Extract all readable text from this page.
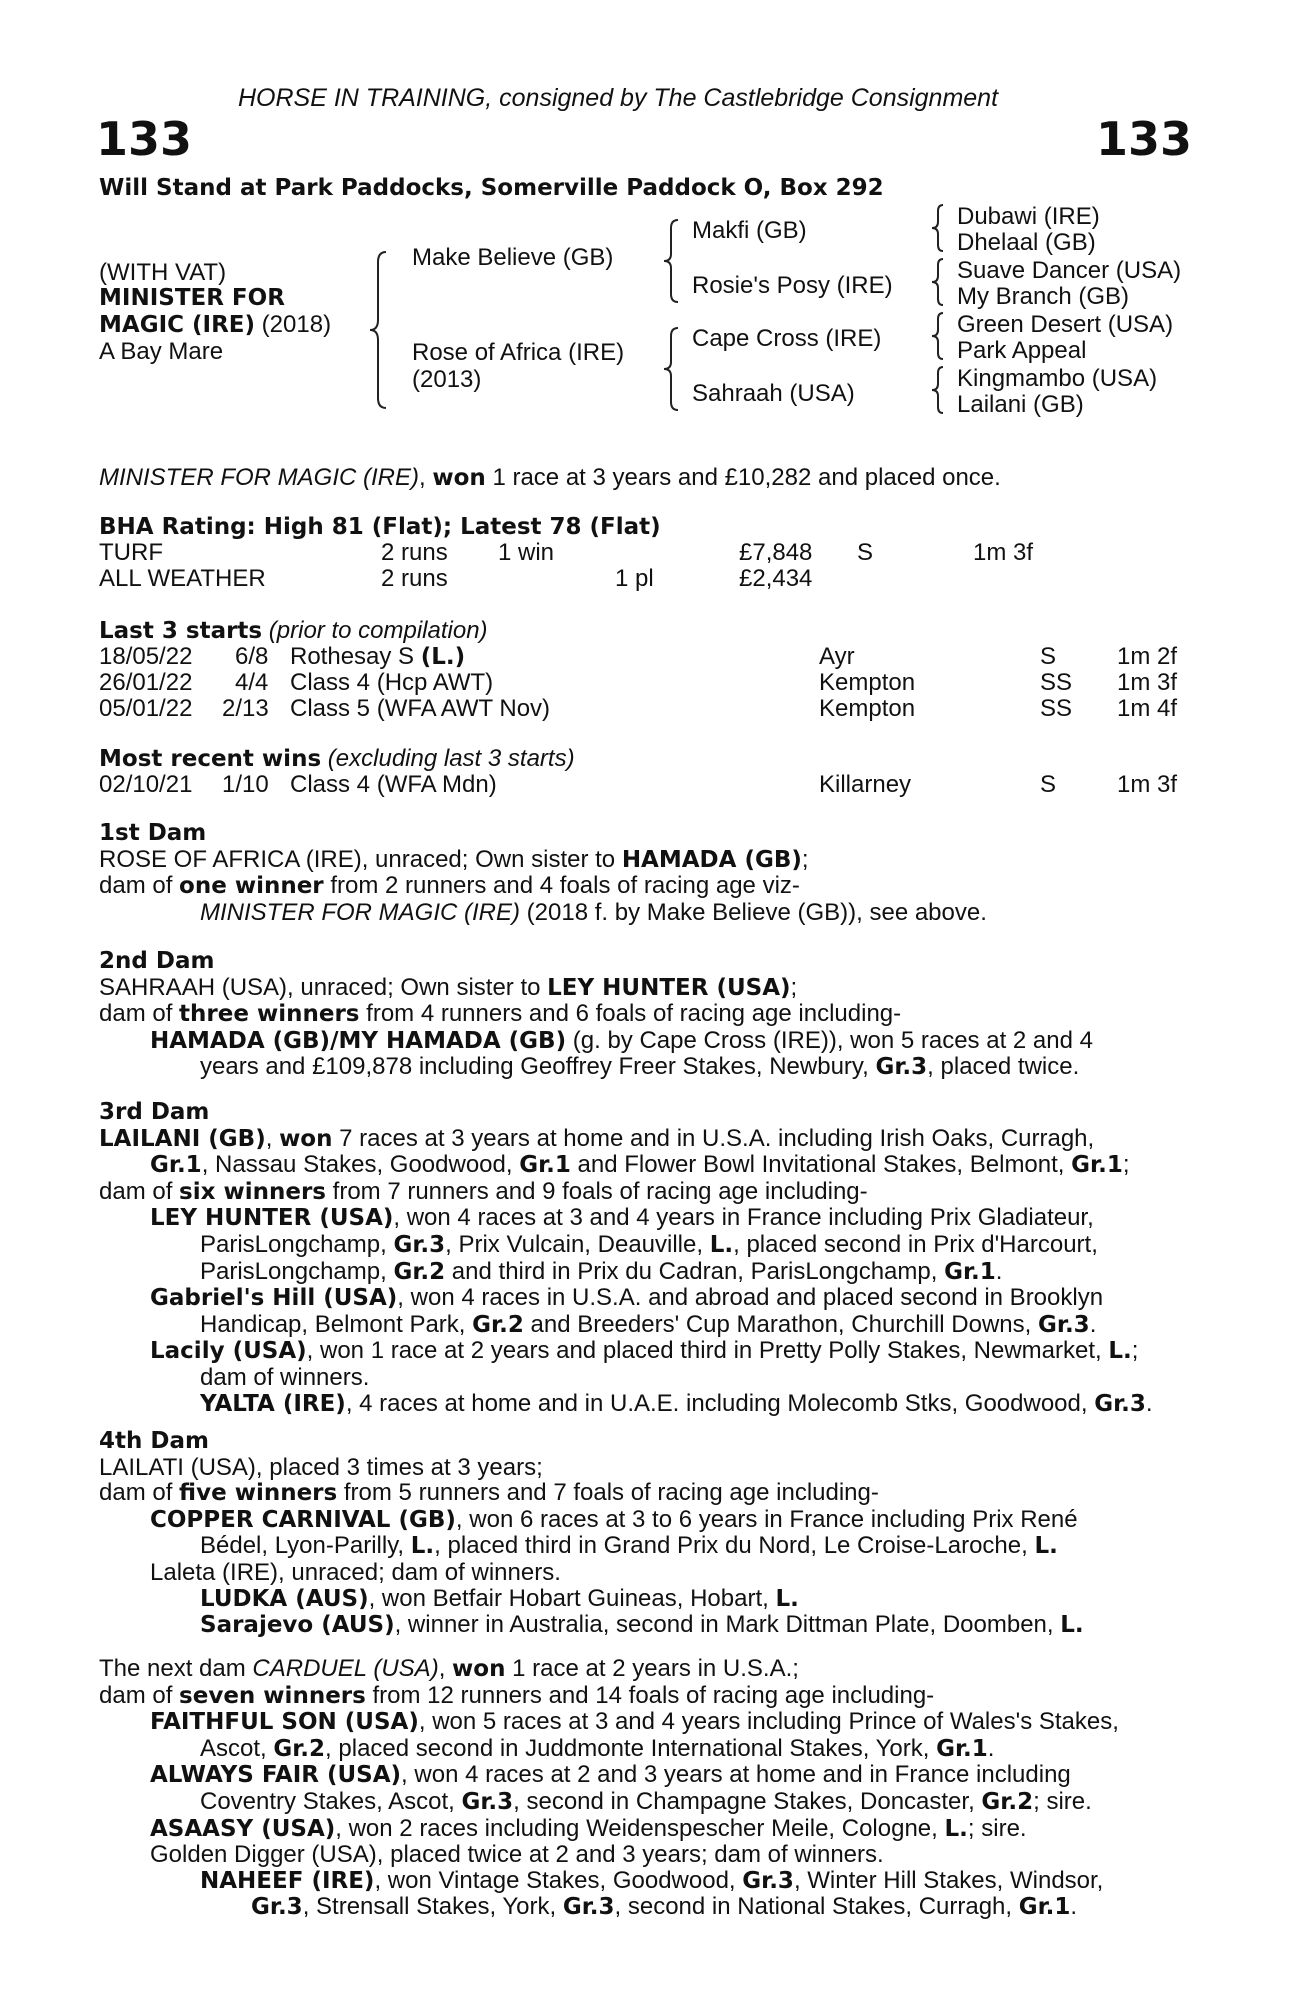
HORSE IN TRAINING, consigned by The Castlebridge Consignment
133	133
Will Stand at Park Paddocks, Somerville Paddock O, Box 292
(WITH VAT)
MINISTER FOR
MAGIC (IRE) (2018)
A Bay Mare
Make Believe (GB)
Rose of Africa (IRE)
(2013)
Makfi (GB)
Rosie's Posy (IRE)
Cape Cross (IRE)
Sahraah (USA)
Dubawi (IRE)
Dhelaal (GB)
Suave Dancer (USA)
My Branch (GB)
Green Desert (USA)
Park Appeal
Kingmambo (USA)
Lailani (GB)
MINISTER FOR MAGIC (IRE), won 1 race at 3 years and £10,282 and placed once.
BHA Rating: High 81 (Flat); Latest 78 (Flat)
TURF	2 runs 1 win	£7,848 S	1m 3f
ALL WEATHER	2 runs	1 pl	£2,434
Last 3 starts (prior to compilation)
18/05/22 6/8 Rothesay S (L.)	Ayr	S	1m 2f
26/01/22 4/4 Class 4 (Hcp AWT)	Kempton	SS 1m 3f
05/01/22 2/13 Class 5 (WFA AWT Nov)	Kempton	SS 1m 4f
Most recent wins (excluding last 3 starts)
02/10/21 1/10 Class 4 (WFA Mdn)	Killarney	S	1m 3f
1st Dam
ROSE OF AFRICA (IRE), unraced; Own sister to HAMADA (GB);
dam of one winner from 2 runners and 4 foals of racing age viz-
MINISTER FOR MAGIC (IRE) (2018 f. by Make Believe (GB)), see above.
2nd Dam
SAHRAAH (USA), unraced; Own sister to LEY HUNTER (USA);
dam of three winners from 4 runners and 6 foals of racing age including-
HAMADA (GB)/MY HAMADA (GB) (g. by Cape Cross (IRE)), won 5 races at 2 and 4
years and £109,878 including Geoffrey Freer Stakes, Newbury, Gr.3, placed twice.
3rd Dam
LAILANI (GB), won 7 races at 3 years at home and in U.S.A. including Irish Oaks, Curragh,
Gr.1, Nassau Stakes, Goodwood, Gr.1 and Flower Bowl Invitational Stakes, Belmont, Gr.1;
dam of six winners from 7 runners and 9 foals of racing age including-
LEY HUNTER (USA), won 4 races at 3 and 4 years in France including Prix Gladiateur,
ParisLongchamp, Gr.3, Prix Vulcain, Deauville, L., placed second in Prix d'Harcourt,
ParisLongchamp, Gr.2 and third in Prix du Cadran, ParisLongchamp, Gr.1.
Gabriel's Hill (USA), won 4 races in U.S.A. and abroad and placed second in Brooklyn
Handicap, Belmont Park, Gr.2 and Breeders' Cup Marathon, Churchill Downs, Gr.3.
Lacily (USA), won 1 race at 2 years and placed third in Pretty Polly Stakes, Newmarket, L.;
dam of winners.
YALTA (IRE), 4 races at home and in U.A.E. including Molecomb Stks, Goodwood, Gr.3.
4th Dam
LAILATI (USA), placed 3 times at 3 years;
dam of five winners from 5 runners and 7 foals of racing age including-
COPPER CARNIVAL (GB), won 6 races at 3 to 6 years in France including Prix René
Bédel, Lyon-Parilly, L., placed third in Grand Prix du Nord, Le Croise-Laroche, L.
Laleta (IRE), unraced; dam of winners.
LUDKA (AUS), won Betfair Hobart Guineas, Hobart, L.
Sarajevo (AUS), winner in Australia, second in Mark Dittman Plate, Doomben, L.
The next dam CARDUEL (USA), won 1 race at 2 years in U.S.A.;
dam of seven winners from 12 runners and 14 foals of racing age including-
FAITHFUL SON (USA), won 5 races at 3 and 4 years including Prince of Wales's Stakes,
Ascot, Gr.2, placed second in Juddmonte International Stakes, York, Gr.1.
ALWAYS FAIR (USA), won 4 races at 2 and 3 years at home and in France including
Coventry Stakes, Ascot, Gr.3, second in Champagne Stakes, Doncaster, Gr.2; sire.
ASAASY (USA), won 2 races including Weidenspescher Meile, Cologne, L.; sire.
Golden Digger (USA), placed twice at 2 and 3 years; dam of winners.
NAHEEF (IRE), won Vintage Stakes, Goodwood, Gr.3, Winter Hill Stakes, Windsor,
Gr.3, Strensall Stakes, York, Gr.3, second in National Stakes, Curragh, Gr.1.
